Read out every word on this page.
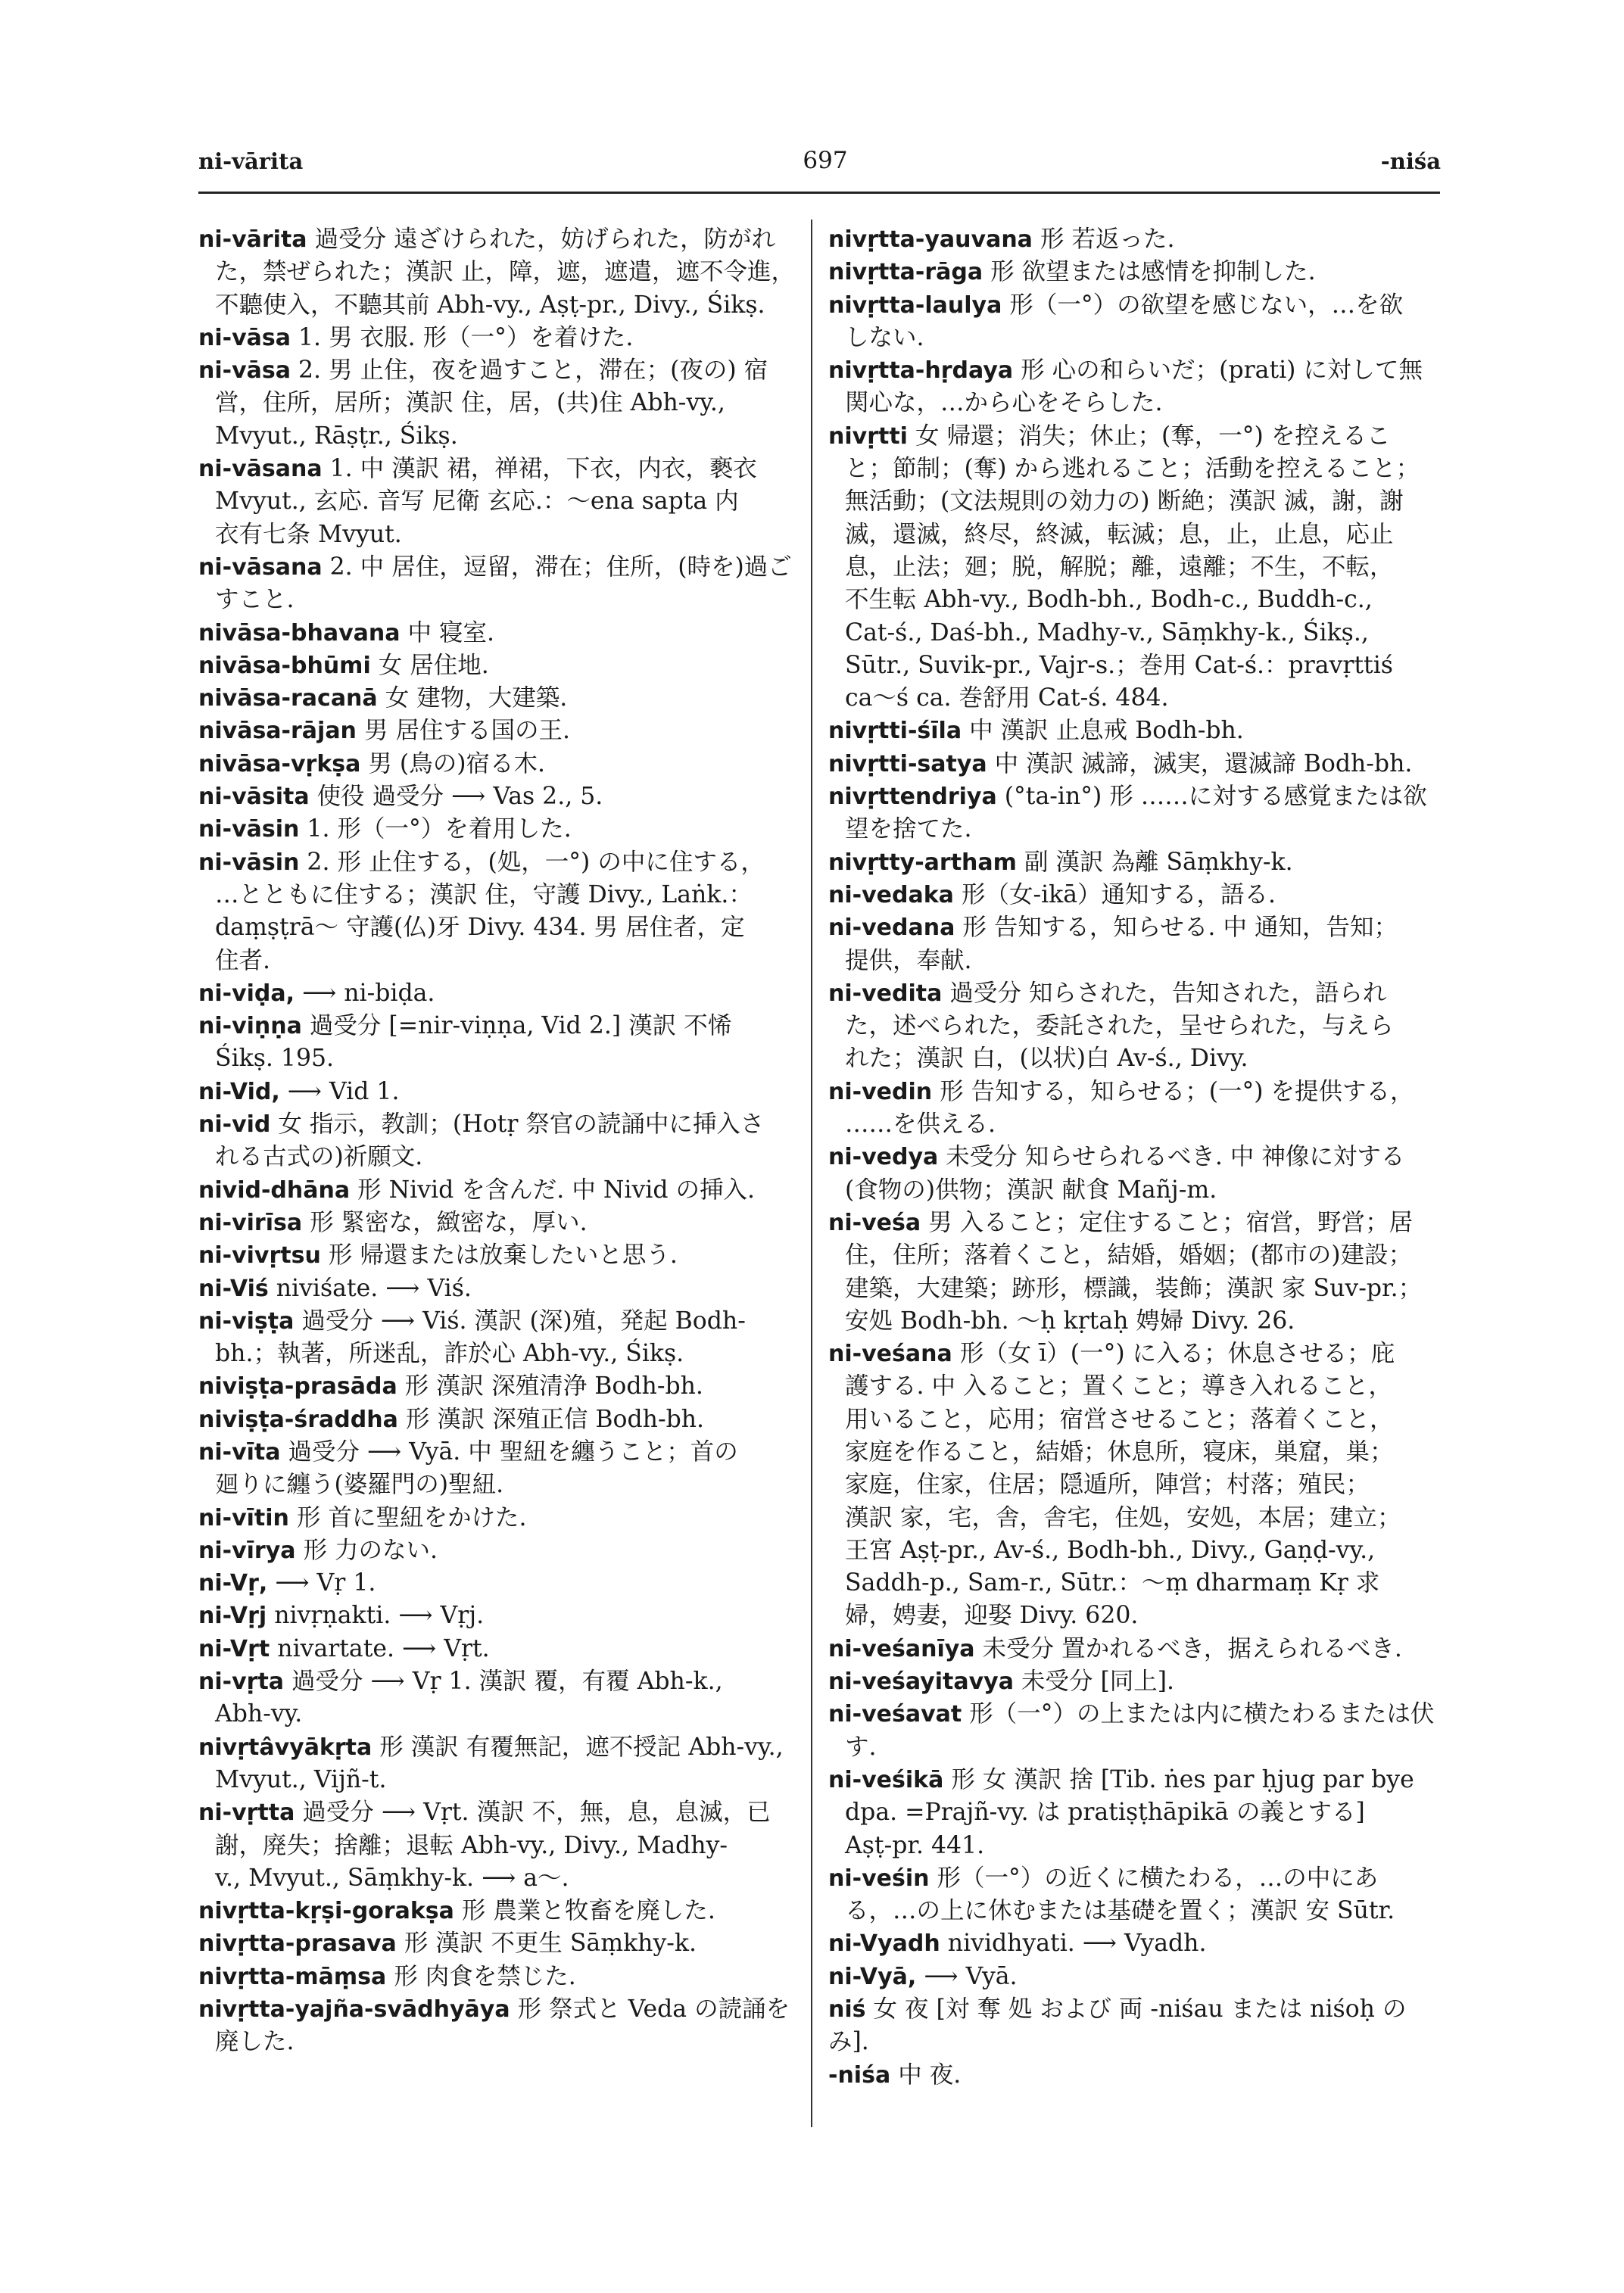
ni-vārita	697	-niśa
ni-vārita 過受分 遠ざけられた，妨げられた，防がれ
た，禁ぜられた；漢訳 止，障，遮，遮遣，遮不令進，
不聽使入，不聽其前 Abh-vy., Aṣṭ-pr., Divy., Śikṣ.
ni-vāsa 1. 男 衣服. 形（一°）を着けた.
ni-vāsa 2. 男 止住，夜を過すこと，滞在；(夜の) 宿
営，住所，居所；漢訳 住，居，(共)住 Abh-vy.,
Mvyut., Rāṣṭr., Śikṣ.
ni-vāsana 1. 中 漢訳 裙，禅裙，下衣，内衣，褻衣
Mvyut., 玄応. 音写 尼衛 玄応.：～ena sapta 内
衣有七条 Mvyut.
ni-vāsana 2. 中 居住，逗留，滞在；住所，(時を)過ご
すこと.
nivāsa-bhavana 中 寝室.
nivāsa-bhūmi 女 居住地.
nivāsa-racanā 女 建物，大建築.
nivāsa-rājan 男 居住する国の王.
nivāsa-vṛkṣa 男 (鳥の)宿る木.
ni-vāsita 使役 過受分 ⟶ Vas 2., 5.
ni-vāsin 1. 形（一°）を着用した.
ni-vāsin 2. 形 止住する，(処，一°) の中に住する，
…とともに住する；漢訳 住，守護 Divy., Laṅk.：
daṃṣṭrā～ 守護(仏)牙 Divy. 434. 男 居住者，定
住者.
ni-viḍa, ⟶ ni-biḍa.
ni-viṇṇa 過受分 [=nir-viṇṇa, Vid 2.] 漢訳 不悕
Śikṣ. 195.
ni-Vid, ⟶ Vid 1.
ni-vid 女 指示，教訓；(Hotṛ 祭官の読誦中に挿入さ
れる古式の)祈願文.
nivid-dhāna 形 Nivid を含んだ. 中 Nivid の挿入.
ni-virīsa 形 緊密な，緻密な，厚い.
ni-vivṛtsu 形 帰還または放棄したいと思う.
ni-Viś niviśate. ⟶ Viś.
ni-viṣṭa 過受分 ⟶ Viś. 漢訳 (深)殖，発起 Bodh-
bh.；執著，所迷乱，詐於心 Abh-vy., Śikṣ.
niviṣṭa-prasāda 形 漢訳 深殖清浄 Bodh-bh.
niviṣṭa-śraddha 形 漢訳 深殖正信 Bodh-bh.
ni-vīta 過受分 ⟶ Vyā. 中 聖紐を纏うこと；首の
廻りに纏う(婆羅門の)聖紐.
ni-vītin 形 首に聖紐をかけた.
ni-vīrya 形 力のない.
ni-Vṛ, ⟶ Vṛ 1.
ni-Vṛj nivṛṇakti. ⟶ Vṛj.
ni-Vṛt nivartate. ⟶ Vṛt.
ni-vṛta 過受分 ⟶ Vṛ 1. 漢訳 覆，有覆 Abh-k.,
Abh-vy.
nivṛtâvyākṛta 形 漢訳 有覆無記，遮不授記 Abh-vy.,
Mvyut., Vijñ-t.
ni-vṛtta 過受分 ⟶ Vṛt. 漢訳 不，無，息，息滅，已
謝，廃失；捨離；退転 Abh-vy., Divy., Madhy-
v., Mvyut., Sāṃkhy-k. ⟶ a～.
nivṛtta-kṛṣi-gorakṣa 形 農業と牧畜を廃した.
nivṛtta-prasava 形 漢訳 不更生 Sāṃkhy-k.
nivṛtta-māṃsa 形 肉食を禁じた.
nivṛtta-yajña-svādhyāya 形 祭式と Veda の読誦を
廃した.
nivṛtta-yauvana 形 若返った.
nivṛtta-rāga 形 欲望または感情を抑制した.
nivṛtta-laulya 形（一°）の欲望を感じない，…を欲
しない.
nivṛtta-hṛdaya 形 心の和らいだ；(prati) に対して無
関心な，…から心をそらした.
nivṛtti 女 帰還；消失；休止；(奪，一°) を控えるこ
と；節制；(奪) から逃れること；活動を控えること；
無活動；(文法規則の効力の) 断絶；漢訳 滅，謝，謝
滅，還滅，終尽，終滅，転滅；息，止，止息，応止
息，止法；廻；脱，解脱；離，遠離；不生，不転，
不生転 Abh-vy., Bodh-bh., Bodh-c., Buddh-c.,
Cat-ś., Daś-bh., Madhy-v., Sāṃkhy-k., Śikṣ.,
Sūtr., Suvik-pr., Vajr-s.；巻用 Cat-ś.：pravṛttiś
ca～ś ca. 巻舒用 Cat-ś. 484.
nivṛtti-śīla 中 漢訳 止息戒 Bodh-bh.
nivṛtti-satya 中 漢訳 滅諦，滅実，還滅諦 Bodh-bh.
nivṛttendriya (°ta-in°) 形 ……に対する感覚または欲
望を捨てた.
nivṛtty-artham 副 漢訳 為離 Sāṃkhy-k.
ni-vedaka 形（女-ikā）通知する，語る.
ni-vedana 形 告知する，知らせる. 中 通知，告知；
提供，奉献.
ni-vedita 過受分 知らされた，告知された，語られ
た，述べられた，委託された，呈せられた，与えら
れた；漢訳 白，(以状)白 Av-ś., Divy.
ni-vedin 形 告知する，知らせる；(一°) を提供する，
……を供える.
ni-vedya 未受分 知らせられるべき. 中 神像に対する
(食物の)供物；漢訳 献食 Mañj-m.
ni-veśa 男 入ること；定住すること；宿営，野営；居
住，住所；落着くこと，結婚，婚姻；(都市の)建設；
建築，大建築；跡形，標識，装飾；漢訳 家 Suv-pr.；
安処 Bodh-bh. ～ḥ kṛtaḥ 娉婦 Divy. 26.
ni-veśana 形（女 ī）(一°) に入る；休息させる；庇
護する. 中 入ること；置くこと；導き入れること，
用いること，応用；宿営させること；落着くこと，
家庭を作ること，結婚；休息所，寝床，巣窟，巣；
家庭，住家，住居；隠遁所，陣営；村落；殖民；
漢訳 家，宅，舎，舎宅，住処，安処，本居；建立；
王宮 Aṣṭ-pr., Av-ś., Bodh-bh., Divy., Gaṇḍ-vy.,
Saddh-p., Sam-r., Sūtr.：～ṃ dharmaṃ Kṛ 求
婦，娉妻，迎娶 Divy. 620.
ni-veśanīya 未受分 置かれるべき，据えられるべき.
ni-veśayitavya 未受分 [同上].
ni-veśavat 形（一°）の上または内に横たわるまたは伏
す.
ni-veśikā 形 女 漢訳 捨 [Tib. ṅes par ḥjug par bye
dpa. =Prajñ-vy. は pratiṣṭhāpikā の義とする]
Aṣṭ-pr. 441.
ni-veśin 形（一°）の近くに横たわる，…の中にあ
る，…の上に休むまたは基礎を置く；漢訳 安 Sūtr.
ni-Vyadh nividhyati. ⟶ Vyadh.
ni-Vyā, ⟶ Vyā.
niś 女 夜 [対 奪 処 および 両 -niśau または niśoḥ のみ].
-niśa 中 夜.
